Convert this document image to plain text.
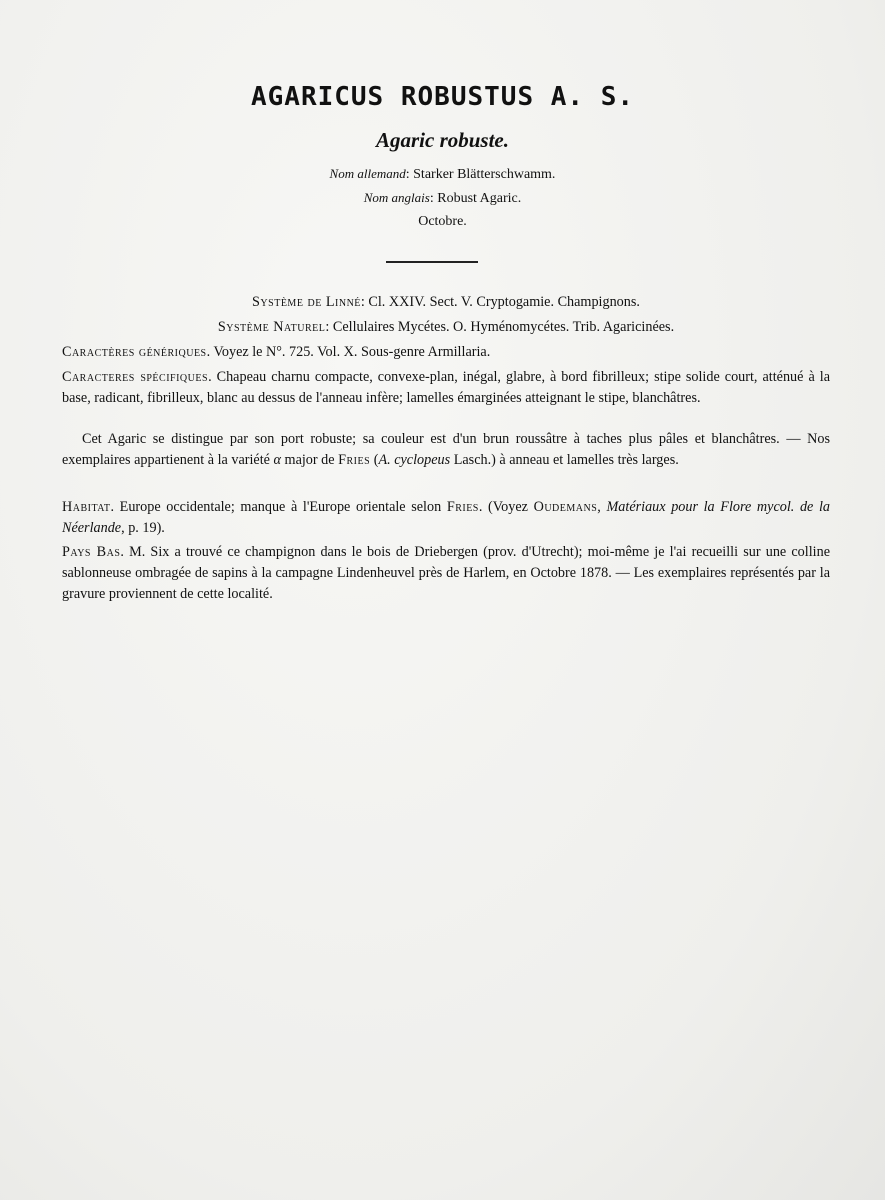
AGARICUS ROBUSTUS A. S.
Agaric robuste.
Nom allemand: Starker Blätterschwamm.
Nom anglais: Robust Agaric.
Octobre.
Système de Linné: Cl. XXIV. Sect. V. Cryptogamie. Champignons.
Système Naturel: Cellulaires Mycétes. O. Hyménomycétes. Trib. Agaricinées.
Caractères génériques. Voyez le N°. 725. Vol. X. Sous-genre Armillaria.
Caracteres spécifiques. Chapeau charnu compacte, convexe-plan, inégal, glabre, à bord fibrilleux; stipe solide court, atténué à la base, radicant, fibrilleux, blanc au dessus de l'anneau infère; lamelles émarginées atteignant le stipe, blanchâtres.
Cet Agaric se distingue par son port robuste; sa couleur est d'un brun roussâtre à taches plus pâles et blanchâtres. — Nos exemplaires appartienent à la variété α major de Fries (A. cyclopeus Lasch.) à anneau et lamelles très larges.
Habitat. Europe occidentale; manque à l'Europe orientale selon Fries. (Voyez Oudemans, Matériaux pour la Flore mycol. de la Néerlande, p. 19).
Pays Bas. M. Six a trouvé ce champignon dans le bois de Driebergen (prov. d'Utrecht); moi-même je l'ai recueilli sur une colline sablonneuse ombragée de sapins à la campagne Lindenheuvel près de Harlem, en Octobre 1878. — Les exemplaires représentés par la gravure proviennent de cette localité.
